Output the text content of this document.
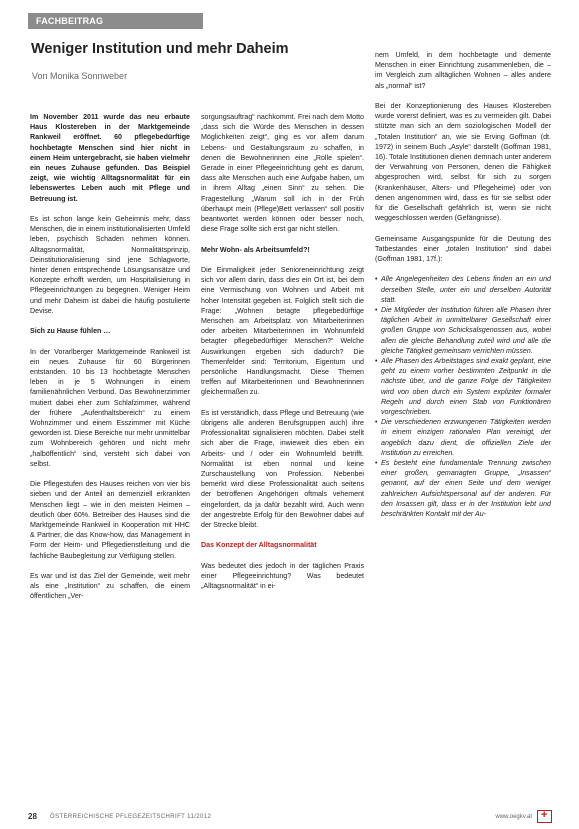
FACHBEITRAG
Weniger Institution und mehr Daheim
Von Monika Sonnweber

Im November 2011 wurde das neu erbaute Haus Klostereben in der Marktgemeinde Rankweil eröffnet. 60 pflegebedürftige hochbetagte Menschen sind hier nicht in einem Heim untergebracht, sie haben vielmehr ein neues Zuhause gefunden. Das Beispiel zeigt, wie wichtig Alltagsnormalität für ein lebenswertes Leben auch mit Pflege und Betreuung ist.

Es ist schon lange kein Geheimnis mehr, dass Menschen, die in einem institutionalisierten Umfeld leben, psychisch Schaden nehmen können. Alltagsnormalität, Normalitätsprinzip, Deinstitutionalisierung sind jene Schlagworte, hinter denen entsprechende Lösungsansätze und Konzepte erhofft werden, um Hospitalisierung in Pflegeeinrichtungen zu begegnen. Weniger Heim und mehr Daheim ist dabei die häufig postulierte Devise.

Sich zu Hause fühlen …

In der Vorarlberger Marktgemeinde Rankweil ist ein neues Zuhause für 60 Bürgerinnen entstanden. 10 bis 13 hochbetagte Menschen leben in je 5 Wohnungen in einem familienähnlichen Verbund. Das Bewohnerzimmer mutiert dabei eher zum Schlafzimmer, während der frühere „Aufenthaltsbereich“ zu einem Wohnzimmer und einem Esszimmer mit Küche geworden ist. Diese Bereiche nur mehr unmittelbar zum Wohnbereich gehören und nicht mehr „halböffentlich“ sind, versteht sich dabei von selbst.

Die Pflegestufen des Hauses reichen von vier bis sieben und der Anteil an demenziell erkrankten Menschen liegt – wie in den meisten Heimen – deutlich über 60%. Betreiber des Hauses sind die Marktgemeinde Rankweil in Kooperation mit HHC & Partner, die das Know-how, das Management in Form der Heim- und Pflegedienstleitung und die fachliche Baubegleitung zur Verfügung stellen.

Es war und ist das Ziel der Gemeinde, weit mehr als eine „Institution“ zu schaffen, die einem öffentlichen „Ver-

sorgungsauftrag“ nachkommt. Frei nach dem Motto „dass sich die Würde des Menschen in dessen Möglichkeiten zeigt“, ging es vor allem darum Lebens- und Gestaltungsraum zu schaffen, in denen die Bewohnerinnen eine „Rolle spielen“. Gerade in einer Pflegeeinrichtung geht es darum, dass alte Menschen auch eine Aufgabe haben, um in ihrem Alltag „einen Sinn“ zu sehen. Die Fragestellung „Warum soll ich in der Früh überhaupt mein (Pflege)Bett verlassen“ soll positiv beantwortet werden können oder besser noch, diese Frage sollte sich erst gar nicht stellen.

Mehr Wohn- als Arbeitsumfeld?!

Die Einmaligkeit jeder Senioreneinrichtung zeigt sich vor allem darin, dass dies ein Ort ist, bei dem eine Vermischung von Wohnen und Arbeit mit hoher Intensität gegeben ist. Folglich stellt sich die Frage: „Wohnen betagte pflegebedürftige Menschen am Arbeitsplatz von Mitarbeiterinnen oder arbeiten Mitarbeiterinnen im Wohnumfeld betagter pflegebedürftiger Menschen?“ Welche Auswirkungen ergeben sich dadurch? Die Themenfelder sind: Territorium, Eigentum und persönliche Handlungsmacht. Diese Themen treffen auf Mitarbeiterinnen und Bewohnerinnen gleichermaßen zu.

Es ist verständlich, dass Pflege und Betreuung (wie übrigens alle anderen Berufsgruppen auch) ihre Professionalität signalisieren möchten. Dabei stellt sich aber die Frage, inwieweit dies eben ein Arbeits- und / oder ein Wohnumfeld betrifft. Normalität ist eben normal und keine Zurschaustellung von Profession. Nebenbei bemerkt wird diese Professionalität auch seitens der betroffenen Angehörigen oftmals vehement eingefordert, da ja dafür bezahlt wird. Auch wenn der angestrebte Erfolg für den Bewohner dabei auf der Strecke bleibt.

Das Konzept der Alltagsnormalität

Was bedeutet dies jedoch in der täglichen Praxis einer Pflegeeinrichtung? Was bedeutet „Alltagsnormalität“ in ei-

nem Umfeld, in dem hochbetagte und demente Menschen in einer Einrichtung zusammenleben, die – im Vergleich zum alltäglichen Wohnen – alles andere als „normal“ ist?

Bei der Konzeptionierung des Hauses Klostereben wurde vorerst definiert, was es zu vermeiden gilt. Dabei stützte man sich an dem soziologischen Modell der „Totalen Institution“ an, wie sie Erving Goffman (dt. 1972) in seinem Buch „Asyle“ darstellt (Goffman 1981, 16). Totale Institutionen dienen demnach unter anderem der Verwahrung von Personen, denen die Fähigkeit abgesprochen wird, selbst für sich zu sorgen (Krankenhäuser, Alters- und Pflegeheime) oder von denen angenommen wird, dass es für sie selbst oder für die Gesellschaft gefährlich ist, wenn sie nicht weggeschlossen werden (Gefängnisse).

Gemeinsame Ausgangspunkte für die Deutung des Tatbestandes einer „totalen Institution“ sind dabei (Goffman 1981, 17f.):

• Alle Angelegenheiten des Lebens finden an ein und derselben Stelle, unter ein und derselben Autorität statt.
• Die Mitglieder der Institution führen alle Phasen ihrer täglichen Arbeit in unmittelbarer Gesellschaft einer großen Gruppe von Schicksalsgenossen aus, wobei allen die gleiche Behandlung zuteil wird und alle die gleiche Tätigkeit gemeinsam verrichten müssen.
• Alle Phasen des Arbeitstages sind exakt geplant, eine geht zu einem vorher bestimmten Zeitpunkt in die nächste über, und die ganze Folge der Tätigkeiten wird von oben durch ein System expliziter formaler Regeln und durch einen Stab von Funktionären vorgeschrieben.
• Die verschiedenen erzwungenen Tätigkeiten werden in einem einzigen rationalen Plan vereinigt, der angeblich dazu dient, die offiziellen Ziele der Institution zu erreichen.
• Es besteht eine fundamentale Trennung zwischen einer großen, gemanagten Gruppe, „Insassen“ genannt, auf der einen Seite und dem weniger zahlreichen Aufsichtspersonal auf der anderen. Für den Insassen gilt, dass er in der Institution lebt und beschränkten Kontakt mit der Au-
28 ÖSTERREICHISCHE PFLEGEZEITSCHRIFT 11/2012	www.oegkv.at
+
